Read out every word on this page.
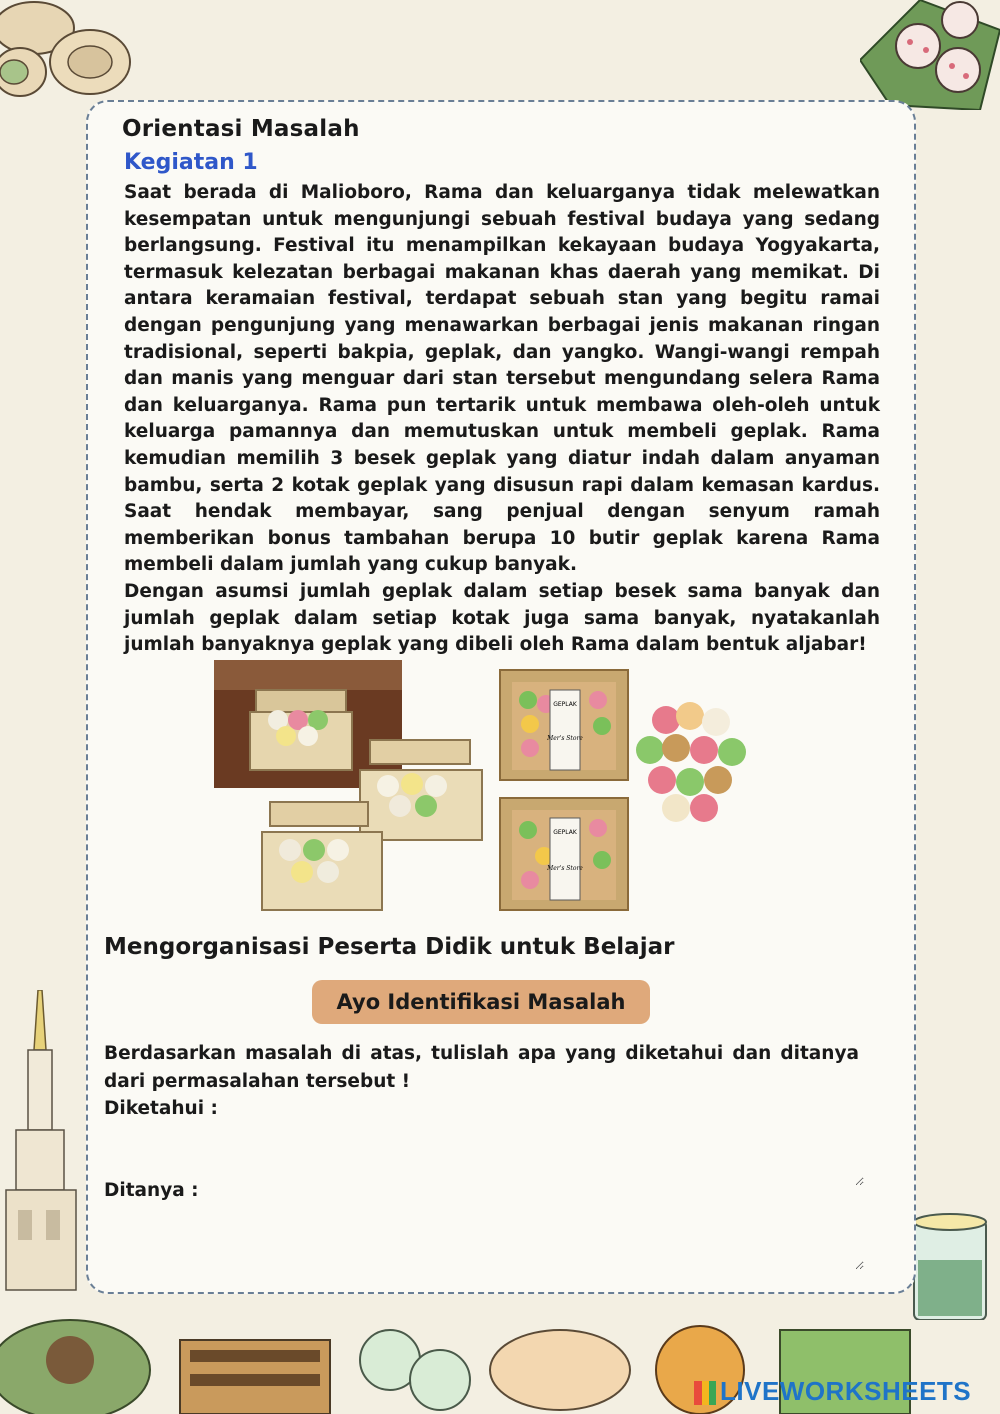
Orientasi Masalah
Kegiatan 1

Saat berada di Malioboro, Rama dan keluarganya tidak melewatkan kesempatan untuk mengunjungi sebuah festival budaya yang sedang berlangsung. Festival itu menampilkan kekayaan budaya Yogyakarta, termasuk kelezatan berbagai makanan khas daerah yang memikat. Di antara keramaian festival, terdapat sebuah stan yang begitu ramai dengan pengunjung yang menawarkan berbagai jenis makanan ringan tradisional, seperti bakpia, geplak, dan yangko. Wangi-wangi rempah dan manis yang menguar dari stan tersebut mengundang selera Rama dan keluarganya. Rama pun tertarik untuk membawa oleh-oleh untuk keluarga pamannya dan memutuskan untuk membeli geplak. Rama kemudian memilih 3 besek geplak yang diatur indah dalam anyaman bambu, serta 2 kotak geplak yang disusun rapi dalam kemasan kardus. Saat hendak membayar, sang penjual dengan senyum ramah memberikan bonus tambahan berupa 10 butir geplak karena Rama membeli dalam jumlah yang cukup banyak.

Dengan asumsi jumlah geplak dalam setiap besek sama banyak dan jumlah geplak dalam setiap kotak juga sama banyak, nyatakanlah jumlah banyaknya geplak yang dibeli oleh Rama dalam bentuk aljabar!

GEPLAK
Mer's Store
GEPLAK
Mer's Store
Mengorganisasi Peserta Didik untuk Belajar
Ayo Identifikasi Masalah
Berdasarkan masalah di atas, tulislah apa yang diketahui dan ditanya dari permasalahan tersebut !
Diketahui :
Ditanya :
LIVEWORKSHEETS
